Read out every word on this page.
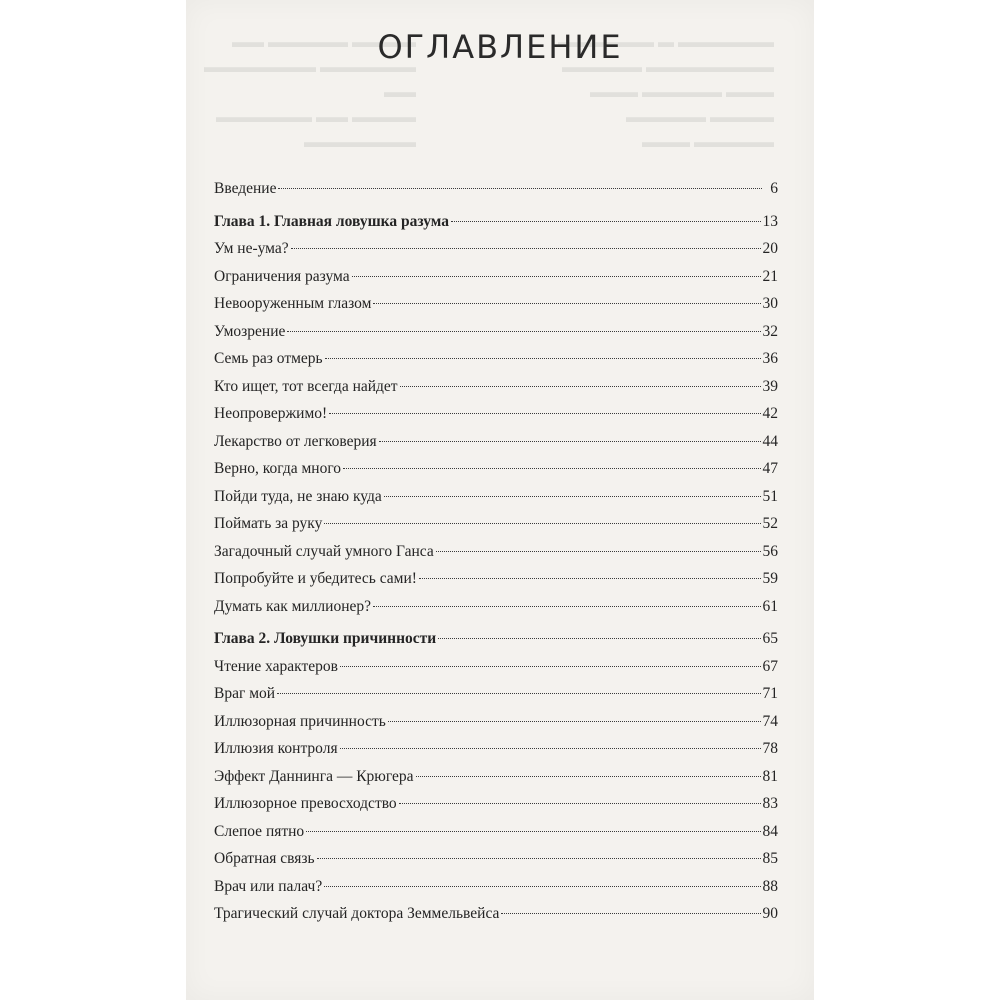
▬▬▬▬ ▬▬▬▬▬ ▬▬
▬▬▬▬▬▬ ▬▬▬▬▬▬▬
▬▬
▬▬▬▬ ▬▬ ▬▬▬▬▬▬
▬▬▬▬▬▬▬
▬▬▬▬▬▬ ▬ ▬▬▬▬▬▬
▬▬▬▬▬▬▬▬ ▬▬▬▬▬
▬▬▬ ▬▬▬▬▬ ▬▬▬
▬▬▬▬ ▬▬▬▬▬
▬▬▬▬▬ ▬▬▬
ОГЛАВЛЕНИЕ
Введение	6
Глава 1. Главная ловушка разума	13
Ум не-ума?	20
Ограничения разума	21
Невооруженным глазом	30
Умозрение	32
Семь раз отмерь	36
Кто ищет, тот всегда найдет	39
Неопровержимо!	42
Лекарство от легковерия	44
Верно, когда много	47
Пойди туда, не знаю куда	51
Поймать за руку	52
Загадочный случай умного Ганса	56
Попробуйте и убедитесь сами!	59
Думать как миллионер?	61
Глава 2. Ловушки причинности	65
Чтение характеров	67
Враг мой	71
Иллюзорная причинность	74
Иллюзия контроля	78
Эффект Даннинга — Крюгера	81
Иллюзорное превосходство	83
Слепое пятно	84
Обратная связь	85
Врач или палач?	88
Трагический случай доктора Земмельвейса	90
